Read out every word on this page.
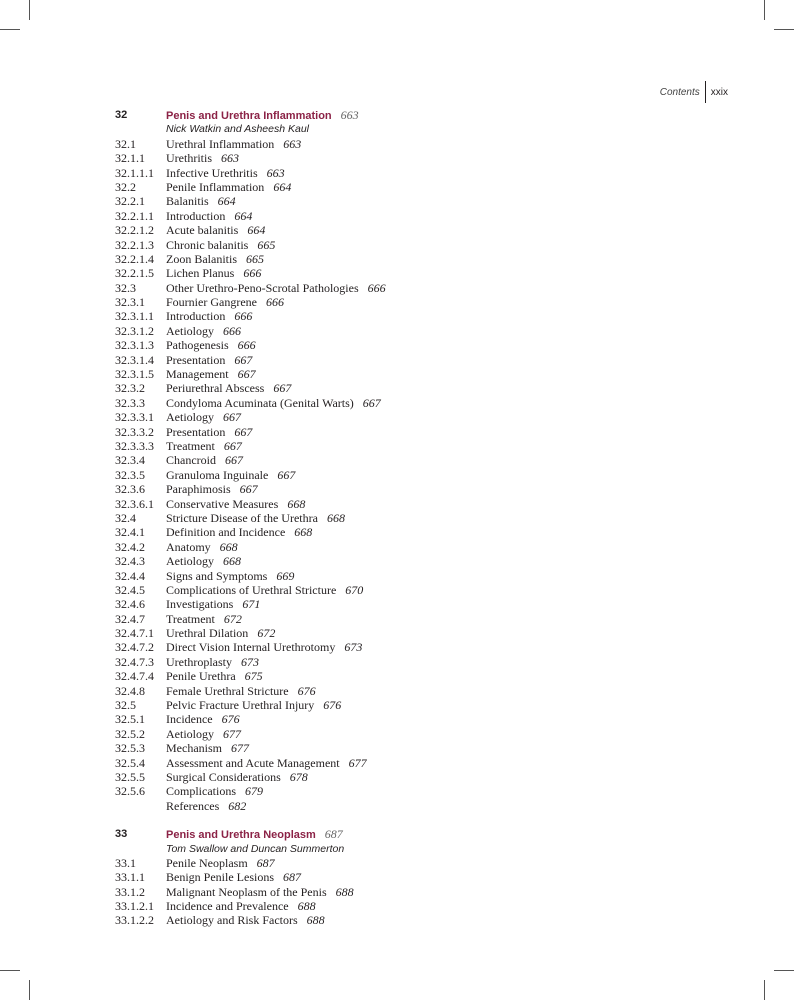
Contents	xxix
32	Penis and Urethra Inflammation 663
Nick Watkin and Asheesh Kaul
32.1	Urethral Inflammation 663
32.1.1	Urethritis 663
32.1.1.1	Infective Urethritis 663
32.2	Penile Inflammation 664
32.2.1	Balanitis 664
32.2.1.1	Introduction 664
32.2.1.2	Acute balanitis 664
32.2.1.3	Chronic balanitis 665
32.2.1.4	Zoon Balanitis 665
32.2.1.5	Lichen Planus 666
32.3	Other Urethro-Peno-Scrotal Pathologies 666
32.3.1	Fournier Gangrene 666
32.3.1.1	Introduction 666
32.3.1.2	Aetiology 666
32.3.1.3	Pathogenesis 666
32.3.1.4	Presentation 667
32.3.1.5	Management 667
32.3.2	Periurethral Abscess 667
32.3.3	Condyloma Acuminata (Genital Warts) 667
32.3.3.1	Aetiology 667
32.3.3.2	Presentation 667
32.3.3.3	Treatment 667
32.3.4	Chancroid 667
32.3.5	Granuloma Inguinale 667
32.3.6	Paraphimosis 667
32.3.6.1	Conservative Measures 668
32.4	Stricture Disease of the Urethra 668
32.4.1	Definition and Incidence 668
32.4.2	Anatomy 668
32.4.3	Aetiology 668
32.4.4	Signs and Symptoms 669
32.4.5	Complications of Urethral Stricture 670
32.4.6	Investigations 671
32.4.7	Treatment 672
32.4.7.1	Urethral Dilation 672
32.4.7.2	Direct Vision Internal Urethrotomy 673
32.4.7.3	Urethroplasty 673
32.4.7.4	Penile Urethra 675
32.4.8	Female Urethral Stricture 676
32.5	Pelvic Fracture Urethral Injury 676
32.5.1	Incidence 676
32.5.2	Aetiology 677
32.5.3	Mechanism 677
32.5.4	Assessment and Acute Management 677
32.5.5	Surgical Considerations 678
32.5.6	Complications 679
References 682
33	Penis and Urethra Neoplasm 687
Tom Swallow and Duncan Summerton
33.1	Penile Neoplasm 687
33.1.1	Benign Penile Lesions 687
33.1.2	Malignant Neoplasm of the Penis 688
33.1.2.1	Incidence and Prevalence 688
33.1.2.2	Aetiology and Risk Factors 688
